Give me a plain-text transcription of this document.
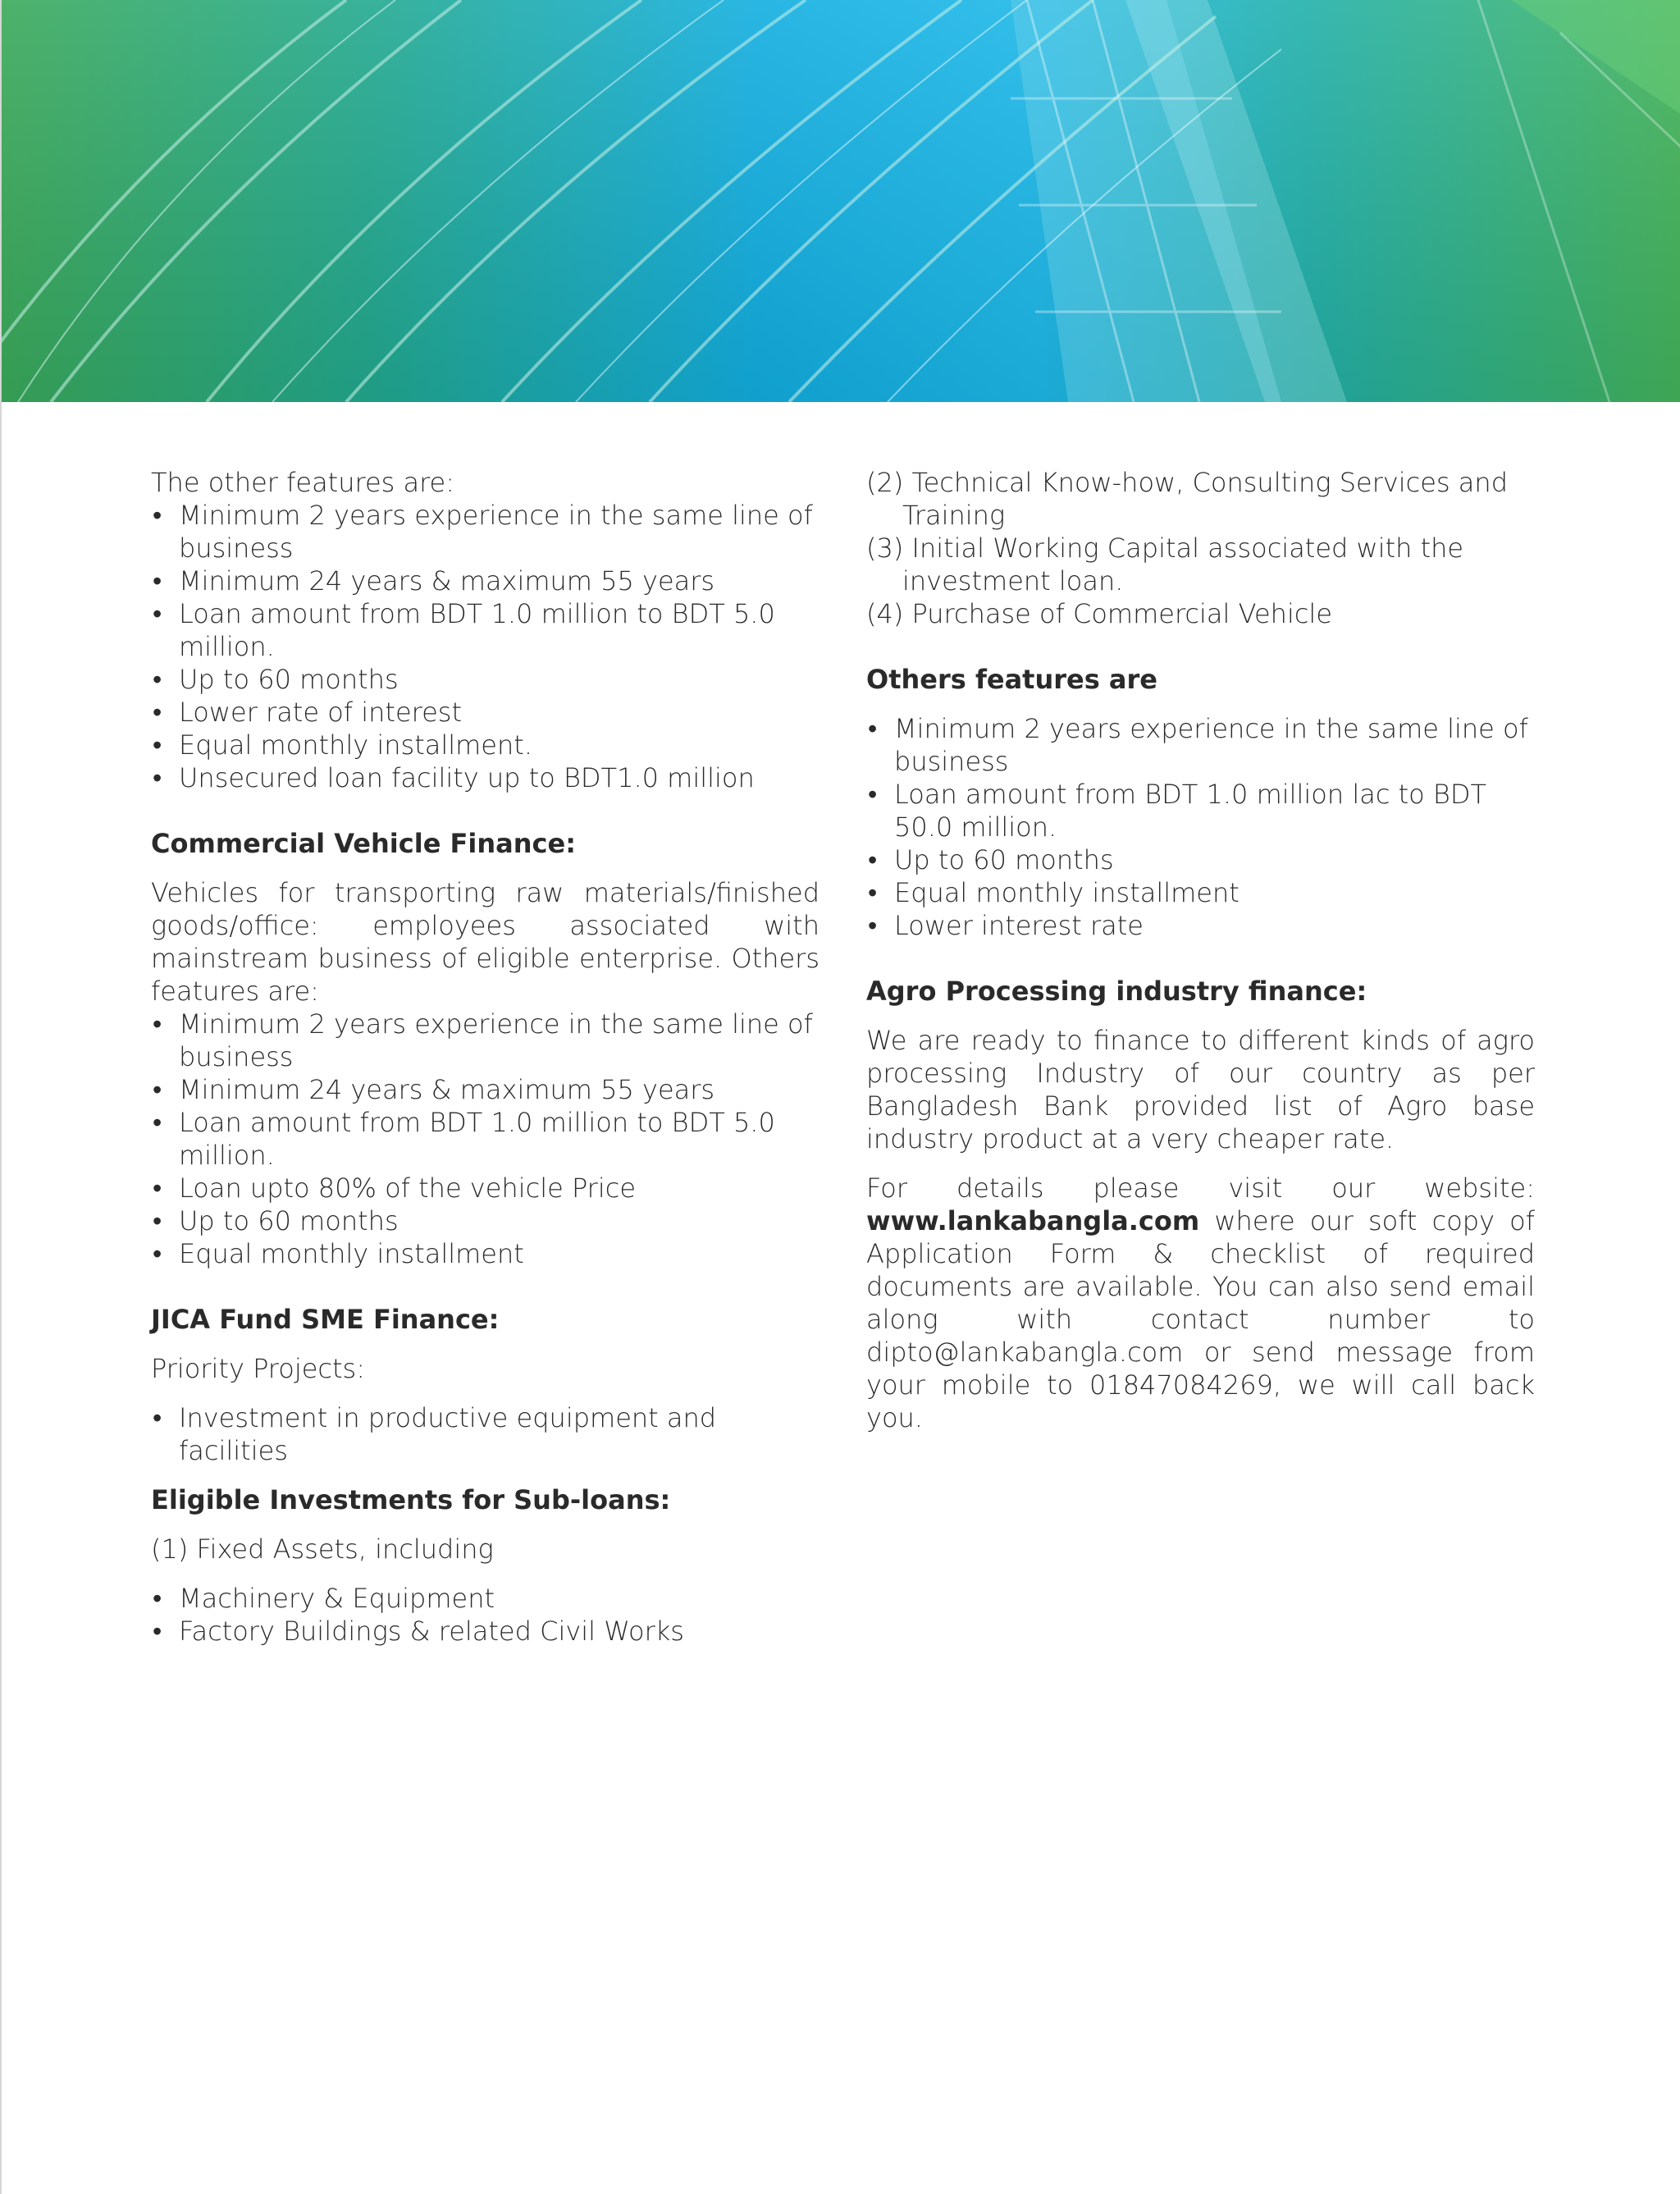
The other features are:

• Minimum 2 years experience in the same line of business
• Minimum 24 years & maximum 55 years
• Loan amount from BDT 1.0 million to BDT 5.0 million.
• Up to 60 months
• Lower rate of interest
• Equal monthly installment.
• Unsecured loan facility up to BDT1.0 million

Commercial Vehicle Finance:

Vehicles for transporting raw materials/finished goods/office: employees associated with mainstream business of eligible enterprise. Others features are:

• Minimum 2 years experience in the same line of business
• Minimum 24 years & maximum 55 years
• Loan amount from BDT 1.0 million to BDT 5.0 million.
• Loan upto 80% of the vehicle Price
• Up to 60 months
• Equal monthly installment

JICA Fund SME Finance:

Priority Projects:

• Investment in productive equipment and facilities

Eligible Investments for Sub-loans:

(1) Fixed Assets, including

• Machinery & Equipment
• Factory Buildings & related Civil Works

(2) Technical Know-how, Consulting Services and Training

(3) Initial Working Capital associated with the investment loan.

(4) Purchase of Commercial Vehicle

Others features are

• Minimum 2 years experience in the same line of business
• Loan amount from BDT 1.0 million lac to BDT 50.0 million.
• Up to 60 months
• Equal monthly installment
• Lower interest rate

Agro Processing industry finance:

We are ready to finance to different kinds of agro processing Industry of our country as per Bangladesh Bank provided list of Agro base industry product at a very cheaper rate.

For details please visit our website: www.lankabangla.com where our soft copy of Application Form & checklist of required documents are available. You can also send email along with contact number to dipto@lankabangla.com or send message from your mobile to 01847084269, we will call back you.
